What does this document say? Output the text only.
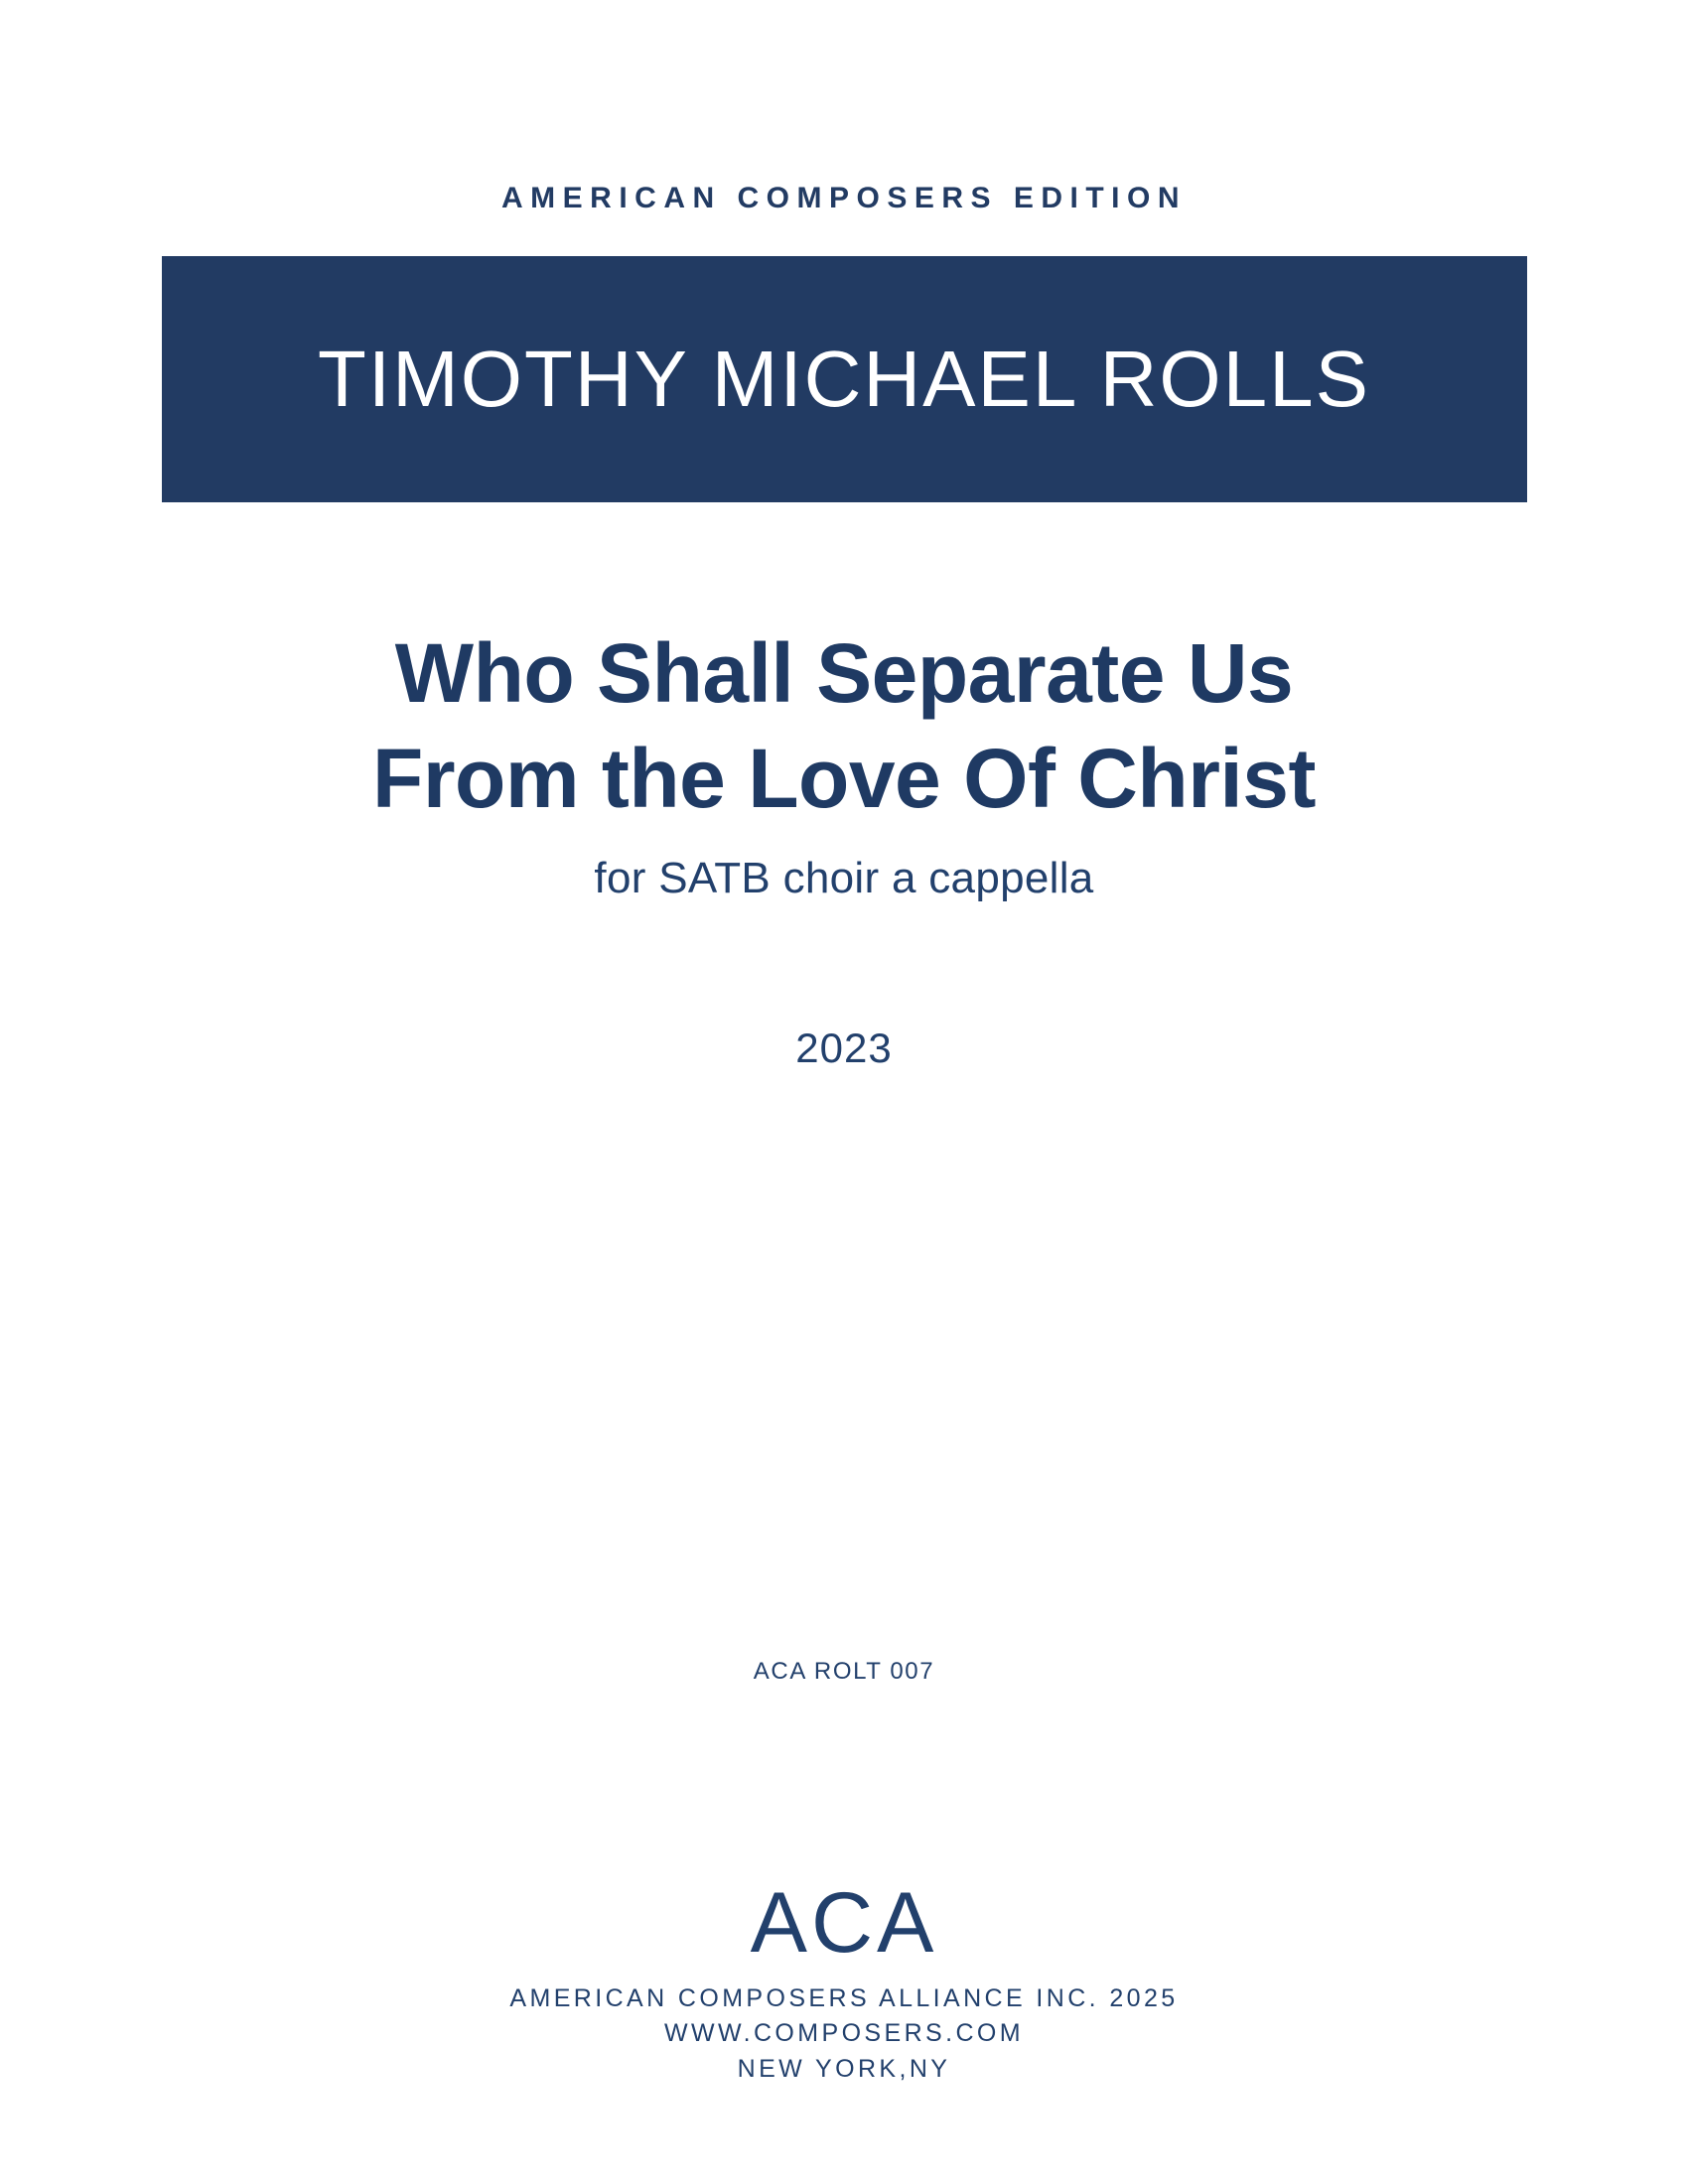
AMERICAN COMPOSERS EDITION
TIMOTHY MICHAEL ROLLS
Who Shall Separate Us
From the Love Of Christ
for SATB choir a cappella
2023
ACA ROLT 007
ACA
AMERICAN COMPOSERS ALLIANCE INC. 2025
WWW.COMPOSERS.COM
NEW YORK,NY
